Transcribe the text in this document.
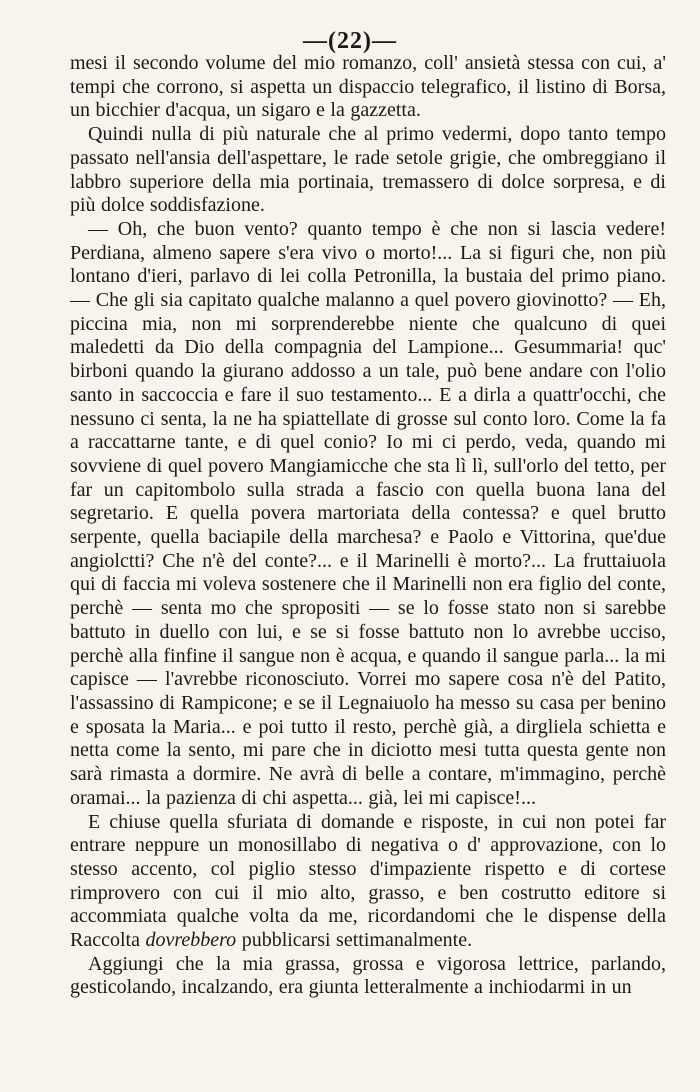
—(22)—

mesi il secondo volume del mio romanzo, coll' ansietà stessa con cui, a' tempi che corrono, si aspetta un dispaccio telegrafico, il listino di Borsa, un bicchier d'acqua, un sigaro e la gazzetta.

Quindi nulla di più naturale che al primo vedermi, dopo tanto tempo passato nell'ansia dell'aspettare, le rade setole grigie, che ombreggiano il labbro superiore della mia portinaia, tremassero di dolce sorpresa, e di più dolce soddisfazione.

— Oh, che buon vento? quanto tempo è che non si lascia vedere! Perdiana, almeno sapere s'era vivo o morto!... La si figuri che, non più lontano d'ieri, parlavo di lei colla Petronilla, la bustaia del primo piano. — Che gli sia capitato qualche malanno a quel povero giovinotto? — Eh, piccina mia, non mi sorprenderebbe niente che qualcuno di quei maledetti da Dio della compagnia del Lampione... Gesummaria! quc' birboni quando la giurano addosso a un tale, può bene andare con l'olio santo in saccoccia e fare il suo testamento... E a dirla a quattr'occhi, che nessuno ci senta, la ne ha spiattellate di grosse sul conto loro. Come la fa a raccattarne tante, e di quel conio? Io mi ci perdo, veda, quando mi sovviene di quel povero Mangiamicche che sta lì lì, sull'orlo del tetto, per far un capitombolo sulla strada a fascio con quella buona lana del segretario. E quella povera martoriata della contessa? e quel brutto serpente, quella baciapile della marchesa? e Paolo e Vittorina, que'due angiolctti? Che n'è del conte?... e il Marinelli è morto?... La fruttaiuola qui di faccia mi voleva sostenere che il Marinelli non era figlio del conte, perchè — senta mo che spropositi — se lo fosse stato non si sarebbe battuto in duello con lui, e se si fosse battuto non lo avrebbe ucciso, perchè alla finfine il sangue non è acqua, e quando il sangue parla... la mi capisce — l'avrebbe riconosciuto. Vorrei mo sapere cosa n'è del Patito, l'assassino di Rampicone; e se il Legnaiuolo ha messo su casa per benino e sposata la Maria... e poi tutto il resto, perchè già, a dirgliela schietta e netta come la sento, mi pare che in diciotto mesi tutta questa gente non sarà rimasta a dormire. Ne avrà di belle a contare, m'immagino, perchè oramai... la pazienza di chi aspetta... già, lei mi capisce!...

E chiuse quella sfuriata di domande e risposte, in cui non potei far entrare neppure un monosillabo di negativa o d' approvazione, con lo stesso accento, col piglio stesso d'impaziente rispetto e di cortese rimprovero con cui il mio alto, grasso, e ben costrutto editore si accommiata qualche volta da me, ricordandomi che le dispense della Raccolta dovrebbero pubblicarsi settimanalmente.

Aggiungi che la mia grassa, grossa e vigorosa lettrice, parlando, gesticolando, incalzando, era giunta letteralmente a inchiodarmi in un
